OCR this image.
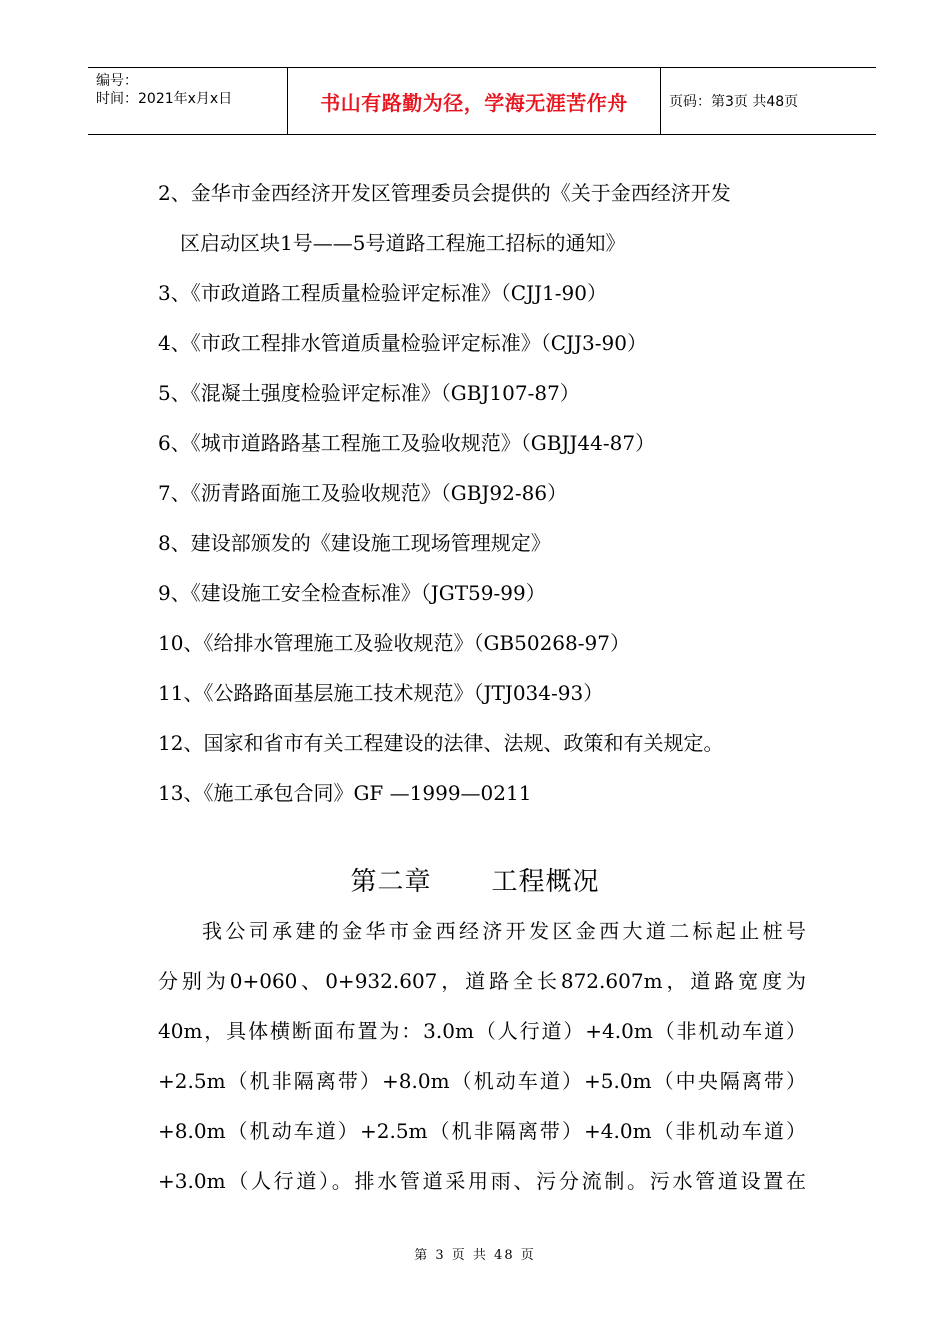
编号：
时间：2021年x月x日	书山有路勤为径，学海无涯苦作舟	页码：第3页 共48页
2、金华市金西经济开发区管理委员会提供的《关于金西经济开发
区启动区块1号——5号道路工程施工招标的通知》
3、《市政道路工程质量检验评定标准》（CJJ1-90）
4、《市政工程排水管道质量检验评定标准》（CJJ3-90）
5、《混凝土强度检验评定标准》（GBJ107-87）
6、《城市道路路基工程施工及验收规范》（GBJJ44-87）
7、《沥青路面施工及验收规范》（GBJ92-86）
8、建设部颁发的《建设施工现场管理规定》
9、《建设施工安全检查标准》（JGT59-99）
10、《给排水管理施工及验收规范》（GB50268-97）
11、《公路路面基层施工技术规范》（JTJ034-93）
12、国家和省市有关工程建设的法律、法规、政策和有关规定。
13、《施工承包合同》GF —1999—0211
第二章 工程概况
我公司承建的金华市金西经济开发区金西大道二标起止桩号
分别为0+060、0+932.607，道路全长872.607m，道路宽度为
40m，具体横断面布置为：3.0m（人行道）+4.0m（非机动车道）
+2.5m（机非隔离带）+8.0m（机动车道）+5.0m（中央隔离带）
+8.0m（机动车道）+2.5m（机非隔离带）+4.0m（非机动车道）
+3.0m（人行道）。排水管道采用雨、污分流制。污水管道设置在
第 3 页 共 48 页
